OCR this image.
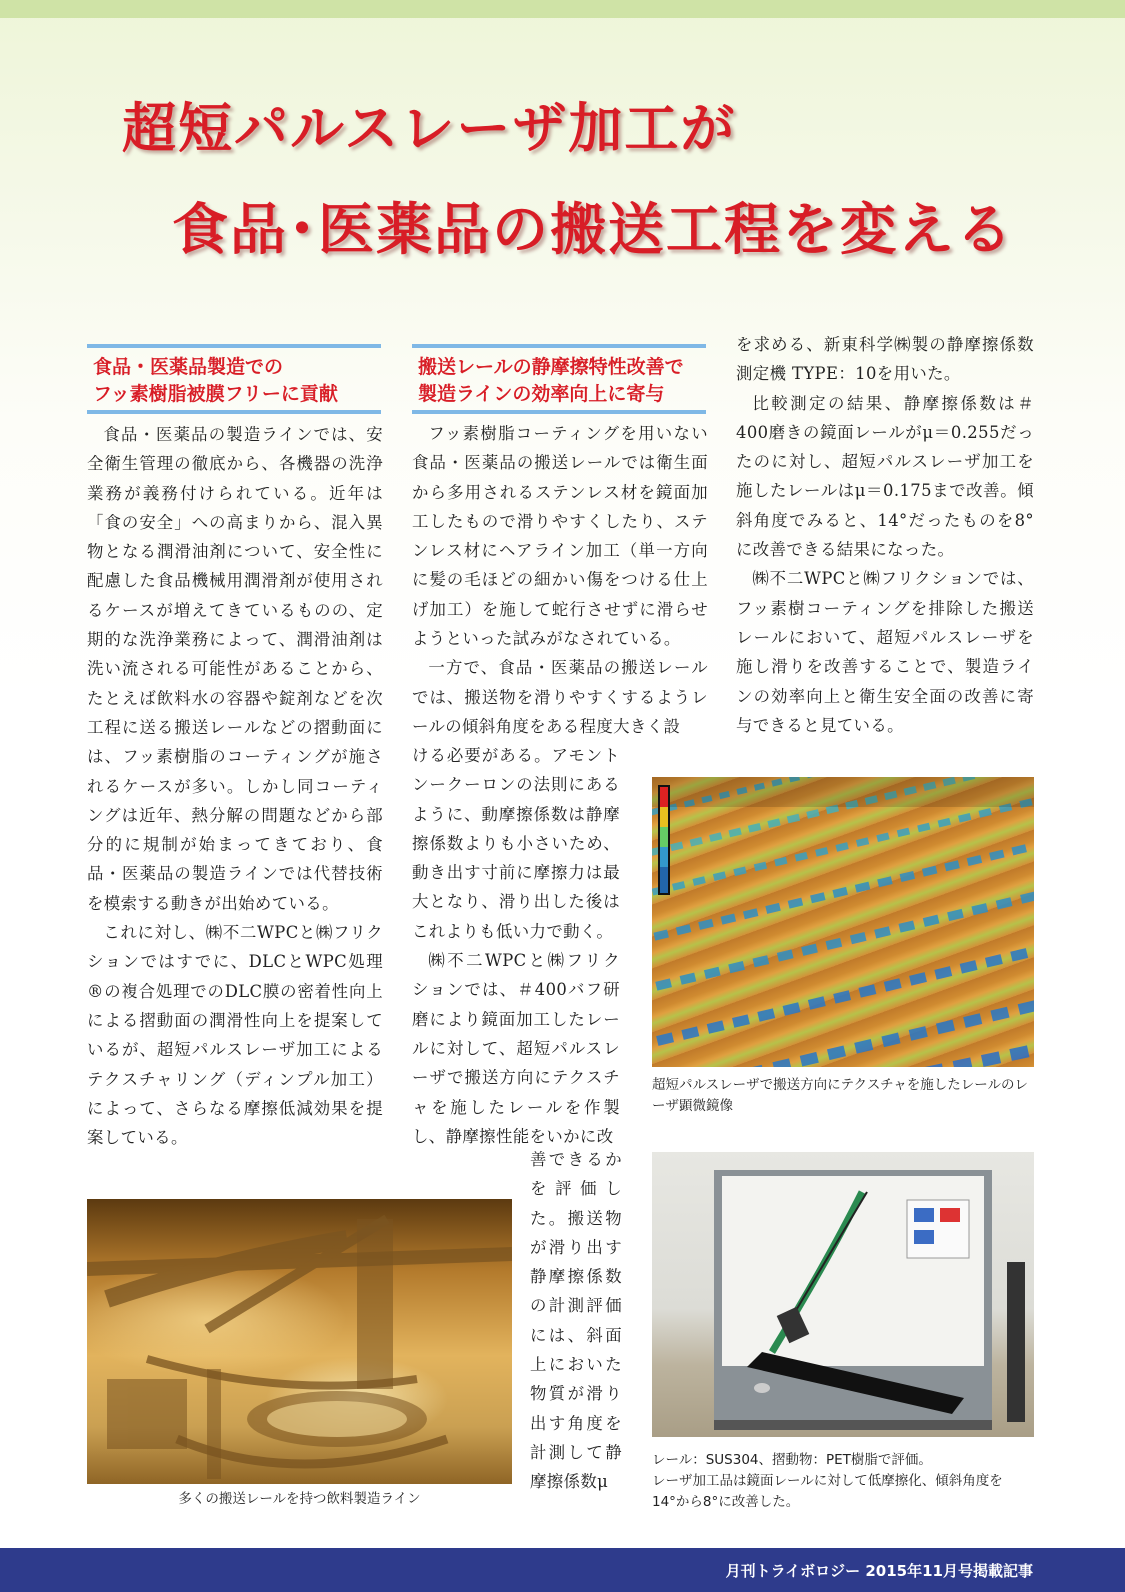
超短パルスレーザ加工が
食品･医薬品の搬送工程を変える
食品・医薬品製造での
フッ素樹脂被膜フリーに貢献

食品・医薬品の製造ラインでは、安全衛生管理の徹底から、各機器の洗浄業務が義務付けられている。近年は「食の安全」への高まりから、混入異物となる潤滑油剤について、安全性に配慮した食品機械用潤滑剤が使用されるケースが増えてきているものの、定期的な洗浄業務によって、潤滑油剤は洗い流される可能性があることから、たとえば飲料水の容器や錠剤などを次工程に送る搬送レールなどの摺動面には、フッ素樹脂のコーティングが施されるケースが多い。しかし同コーティングは近年、熱分解の問題などから部分的に規制が始まってきており、食品・医薬品の製造ラインでは代替技術を模索する動きが出始めている。

これに対し、㈱不二WPCと㈱フリクションではすでに、DLCとWPC処理®の複合処理でのDLC膜の密着性向上による摺動面の潤滑性向上を提案しているが、超短パルスレーザ加工によるテクスチャリング（ディンプル加工）によって、さらなる摩擦低減効果を提案している。

搬送レールの静摩擦特性改善で
製造ラインの効率向上に寄与

フッ素樹脂コーティングを用いない食品・医薬品の搬送レールでは衛生面から多用されるステンレス材を鏡面加工したもので滑りやすくしたり、ステンレス材にヘアライン加工（単一方向に髪の毛ほどの細かい傷をつける仕上げ加工）を施して蛇行させずに滑らせようといった試みがなされている。

一方で、食品・医薬品の搬送レールでは、搬送物を滑りやすくするようレールの傾斜角度をある程度大きく設

ける必要がある。アモントンークーロンの法則にあるように、動摩擦係数は静摩擦係数よりも小さいため、動き出す寸前に摩擦力は最大となり、滑り出した後はこれよりも低い力で動く。

㈱不二WPCと㈱フリクションでは、＃400バフ研磨により鏡面加工したレールに対して、超短パルスレーザで搬送方向にテクスチャを施したレールを作製し、静摩擦性能をいかに改

善できるかを評価した。搬送物が滑り出す静摩擦係数の計測評価には、斜面上においた物質が滑り出す角度を計測して静摩擦係数μ

を求める、新東科学㈱製の静摩擦係数測定機 TYPE：10を用いた。

比較測定の結果、静摩擦係数は＃400磨きの鏡面レールがμ＝0.255だったのに対し、超短パルスレーザ加工を施したレールはμ＝0.175まで改善。傾斜角度でみると、14°だったものを8°に改善できる結果になった。

㈱不二WPCと㈱フリクションでは、フッ素樹コーティングを排除した搬送レールにおいて、超短パルスレーザを施し滑りを改善することで、製造ラインの効率向上と衛生安全面の改善に寄与できると見ている。

超短パルスレーザで搬送方向にテクスチャを施したレールのレーザ顕微鏡像
レール：SUS304、摺動物：PET樹脂で評価。
レーザ加工品は鏡面レールに対して低摩擦化、傾斜角度を
14°から8°に改善した。
多くの搬送レールを持つ飲料製造ライン
月刊トライボロジー 2015年11月号掲載記事
